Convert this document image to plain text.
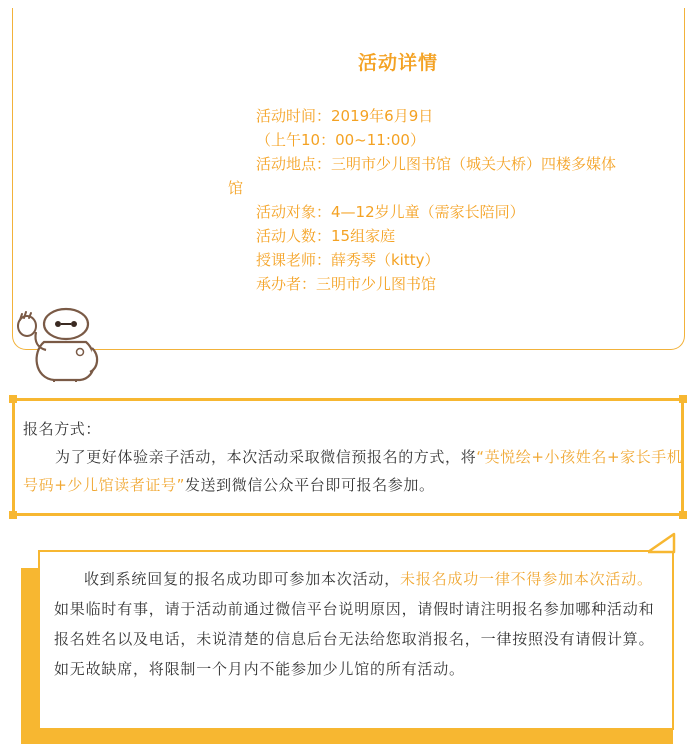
活动详情
活动时间：2019年6月9日
（上午10：00~11:00）
活动地点：三明市少儿图书馆（城关大桥）四楼多媒体
馆
活动对象：4—12岁儿童（需家长陪同）
活动人数：15组家庭
授课老师：薛秀琴（kitty）
承办者：三明市少儿图书馆
报名方式：
为了更好体验亲子活动，本次活动采取微信预报名的方式，将“英悦绘+小孩姓名+家长手机号码+少儿馆读者证号”发送到微信公众平台即可报名参加。
收到系统回复的报名成功即可参加本次活动，未报名成功一律不得参加本次活动。如果临时有事，请于活动前通过微信平台说明原因，请假时请注明报名参加哪种活动和报名姓名以及电话，未说清楚的信息后台无法给您取消报名，一律按照没有请假计算。如无故缺席，将限制一个月内不能参加少儿馆的所有活动。
